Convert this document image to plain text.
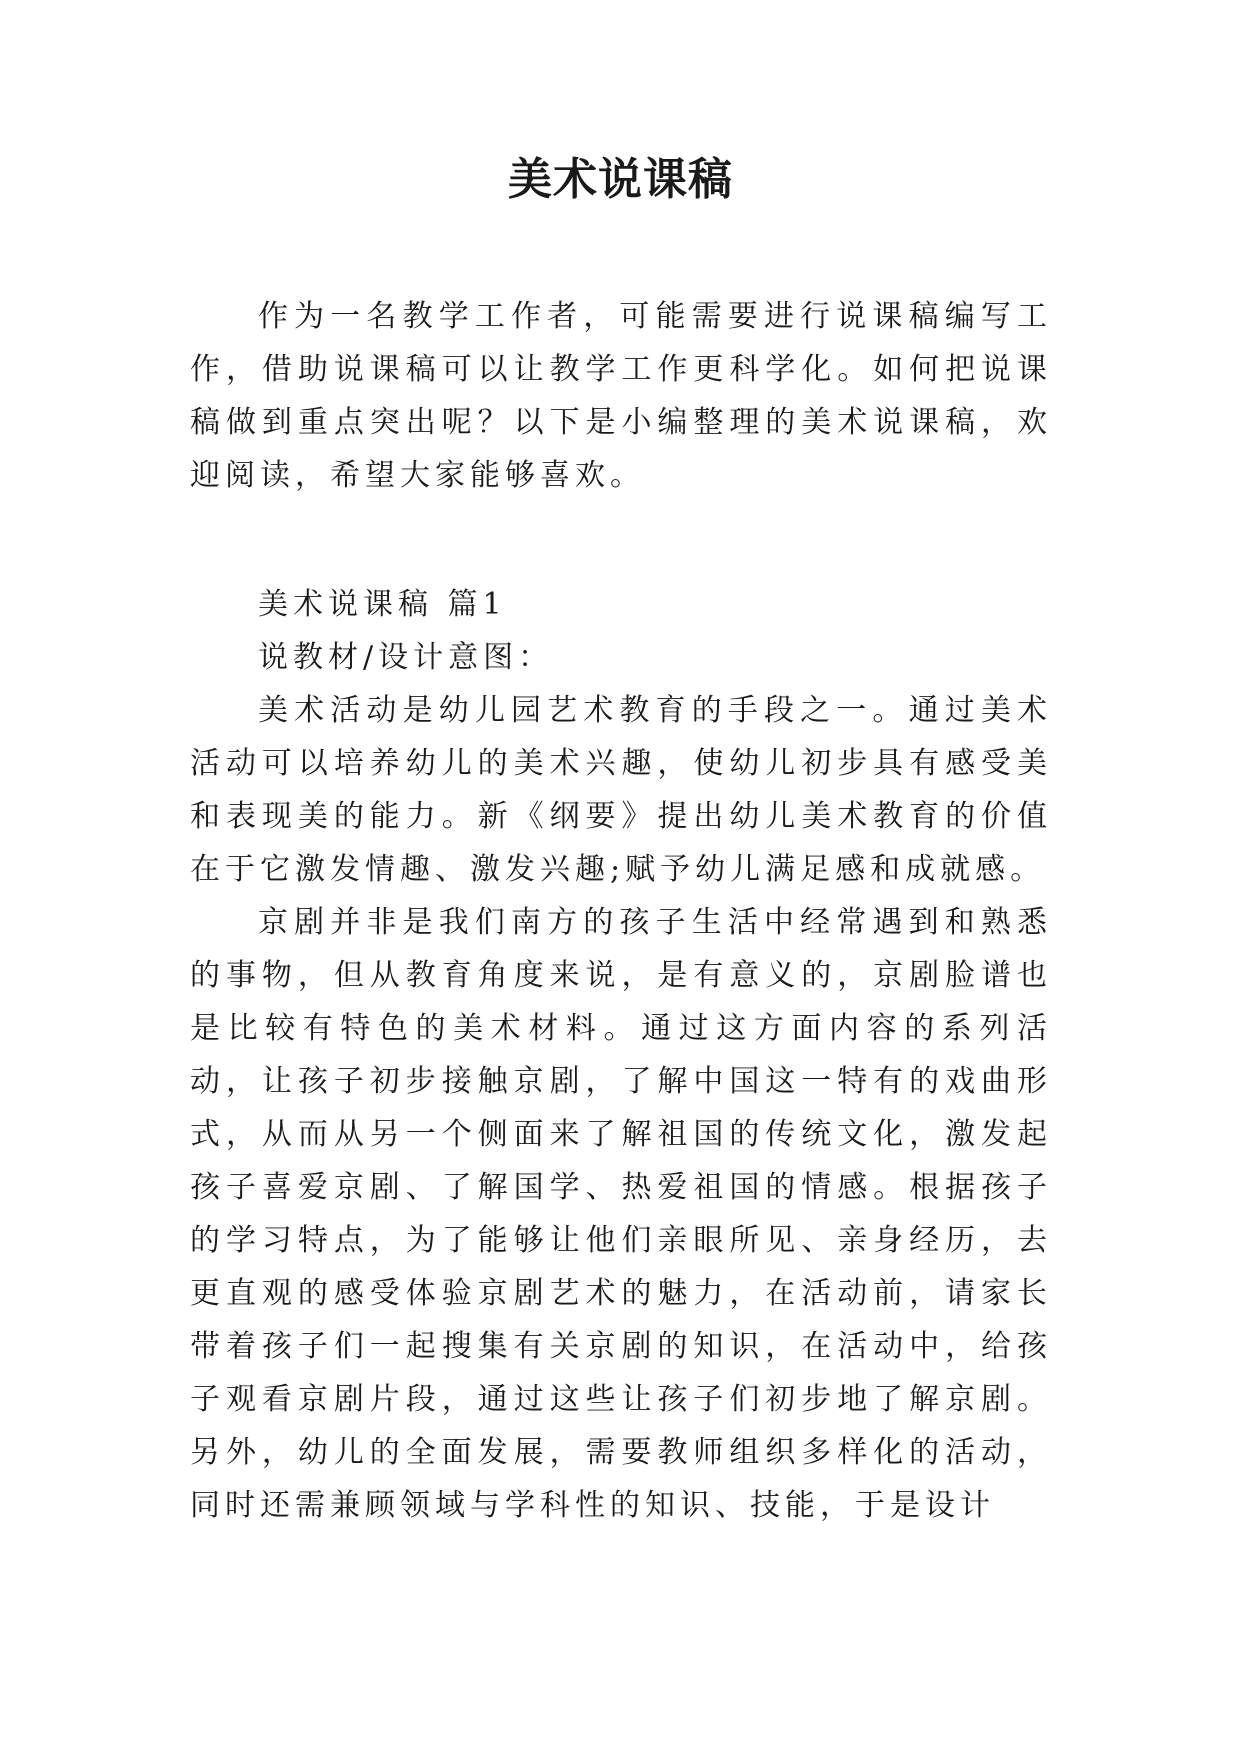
美术说课稿

作为一名教学工作者，可能需要进行说课稿编写工作，借助说课稿可以让教学工作更科学化。如何把说课稿做到重点突出呢？以下是小编整理的美术说课稿，欢迎阅读，希望大家能够喜欢。

美术说课稿 篇1

说教材/设计意图：

美术活动是幼儿园艺术教育的手段之一。通过美术活动可以培养幼儿的美术兴趣，使幼儿初步具有感受美和表现美的能力。新《纲要》提出幼儿美术教育的价值在于它激发情趣、激发兴趣;赋予幼儿满足感和成就感。

京剧并非是我们南方的孩子生活中经常遇到和熟悉的事物，但从教育角度来说，是有意义的，京剧脸谱也是比较有特色的美术材料。通过这方面内容的系列活动，让孩子初步接触京剧，了解中国这一特有的戏曲形式，从而从另一个侧面来了解祖国的传统文化，激发起孩子喜爱京剧、了解国学、热爱祖国的情感。根据孩子的学习特点，为了能够让他们亲眼所见、亲身经历，去更直观的感受体验京剧艺术的魅力，在活动前，请家长带着孩子们一起搜集有关京剧的知识，在活动中，给孩子观看京剧片段，通过这些让孩子们初步地了解京剧。另外，幼儿的全面发展，需要教师组织多样化的活动，同时还需兼顾领域与学科性的知识、技能，于是设计
